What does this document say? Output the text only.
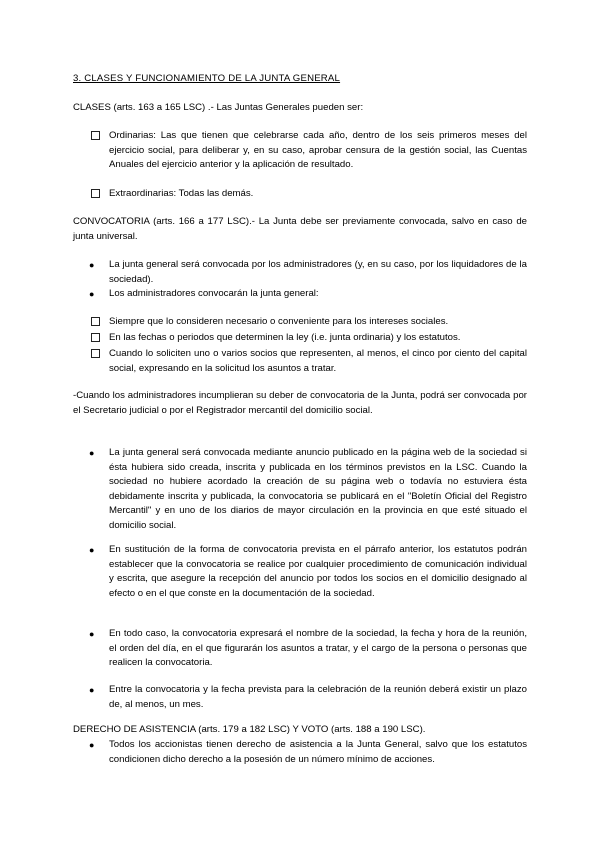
3. CLASES Y FUNCIONAMIENTO DE LA JUNTA GENERAL

CLASES (arts. 163 a 165 LSC) .- Las Juntas Generales pueden ser:

Ordinarias: Las que tienen que celebrarse cada año, dentro de los seis primeros meses del ejercicio social, para deliberar y, en su caso, aprobar censura de la gestión social, las Cuentas Anuales del ejercicio anterior y la aplicación de resultado.

Extraordinarias: Todas las demás.

CONVOCATORIA (arts. 166 a 177 LSC).- La Junta debe ser previamente convocada, salvo en caso de junta universal.

●	La junta general será convocada por los administradores (y, en su caso, por los liquidadores de la sociedad).

●	Los administradores convocarán la junta general:

Siempre que lo consideren necesario o conveniente para los intereses sociales.

En las fechas o periodos que determinen la ley (i.e. junta ordinaria) y los estatutos.

Cuando lo soliciten uno o varios socios que representen, al menos, el cinco por ciento del capital social, expresando en la solicitud los asuntos a tratar.

-Cuando los administradores incumplieran su deber de convocatoria de la Junta, podrá ser convocada por el Secretario judicial o por el Registrador mercantil del domicilio social.

●	La junta general será convocada mediante anuncio publicado en la página web de la sociedad si ésta hubiera sido creada, inscrita y publicada en los términos previstos en la LSC. Cuando la sociedad no hubiere acordado la creación de su página web o todavía no estuviera ésta debidamente inscrita y publicada, la convocatoria se publicará en el "Boletín Oficial del Registro Mercantil" y en uno de los diarios de mayor circulación en la provincia en que esté situado el domicilio social.

●	En sustitución de la forma de convocatoria prevista en el párrafo anterior, los estatutos podrán establecer que la convocatoria se realice por cualquier procedimiento de comunicación individual y escrita, que asegure la recepción del anuncio por todos los socios en el domicilio designado al efecto o en el que conste en la documentación de la sociedad.

●	En todo caso, la convocatoria expresará el nombre de la sociedad, la fecha y hora de la reunión, el orden del día, en el que figurarán los asuntos a tratar, y el cargo de la persona o personas que realicen la convocatoria.

●	Entre la convocatoria y la fecha prevista para la celebración de la reunión deberá existir un plazo de, al menos, un mes.

DERECHO DE ASISTENCIA (arts. 179 a 182 LSC) Y VOTO (arts. 188 a 190 LSC).

●	Todos los accionistas tienen derecho de asistencia a la Junta General, salvo que los estatutos condicionen dicho derecho a la posesión de un número mínimo de acciones.
